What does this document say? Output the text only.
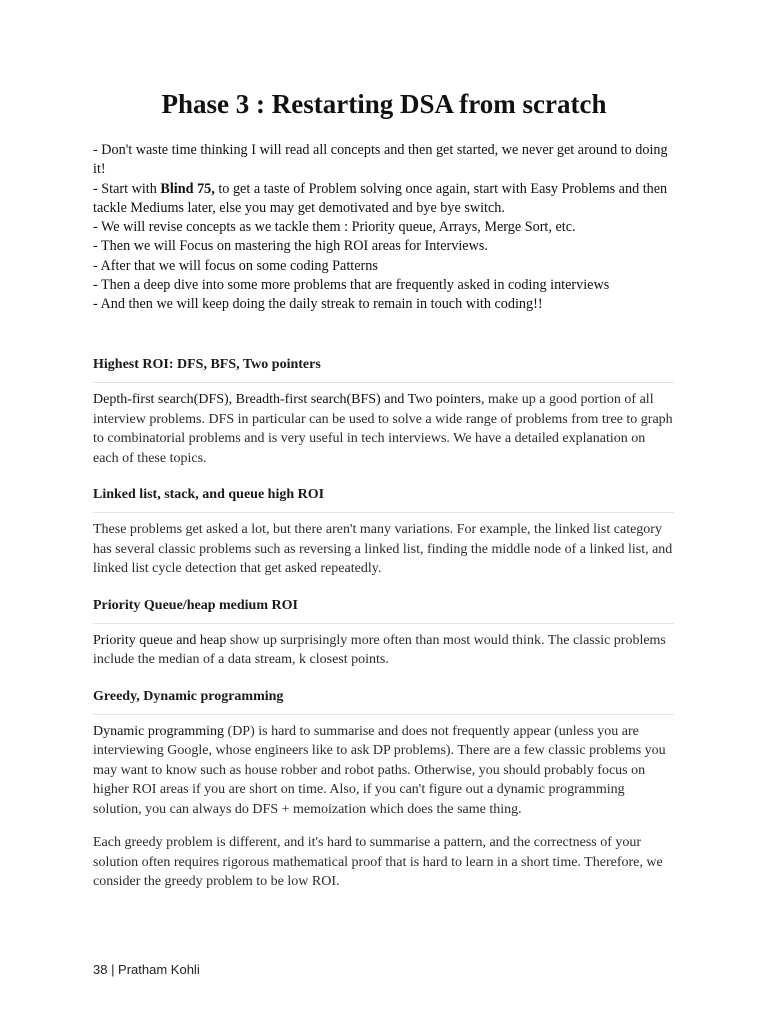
Phase 3 : Restarting DSA from scratch
- Don't waste time thinking I will read all concepts and then get started, we never get around to doing it!
- Start with Blind 75, to get a taste of Problem solving once again, start with Easy Problems and then tackle Mediums later, else you may get demotivated and bye bye switch.
- We will revise concepts as we tackle them : Priority queue, Arrays, Merge Sort, etc.
- Then we will Focus on mastering the high ROI areas for Interviews.
- After that we will focus on some coding Patterns
- Then a deep dive into some more problems that are frequently asked in coding interviews
- And then we will keep doing the daily streak to remain in touch with coding!!
Highest ROI: DFS, BFS, Two pointers

Depth-first search(DFS), Breadth-first search(BFS) and Two pointers, make up a good portion of all interview problems. DFS in particular can be used to solve a wide range of problems from tree to graph to combinatorial problems and is very useful in tech interviews. We have a detailed explanation on each of these topics.

Linked list, stack, and queue high ROI

These problems get asked a lot, but there aren't many variations. For example, the linked list category has several classic problems such as reversing a linked list, finding the middle node of a linked list, and linked list cycle detection that get asked repeatedly.

Priority Queue/heap medium ROI

Priority queue and heap show up surprisingly more often than most would think. The classic problems include the median of a data stream, k closest points.

Greedy, Dynamic programming

Dynamic programming (DP) is hard to summarise and does not frequently appear (unless you are interviewing Google, whose engineers like to ask DP problems). There are a few classic problems you may want to know such as house robber and robot paths. Otherwise, you should probably focus on higher ROI areas if you are short on time. Also, if you can't figure out a dynamic programming solution, you can always do DFS + memoization which does the same thing.

Each greedy problem is different, and it's hard to summarise a pattern, and the correctness of your solution often requires rigorous mathematical proof that is hard to learn in a short time. Therefore, we consider the greedy problem to be low ROI.

38 | Pratham Kohli
